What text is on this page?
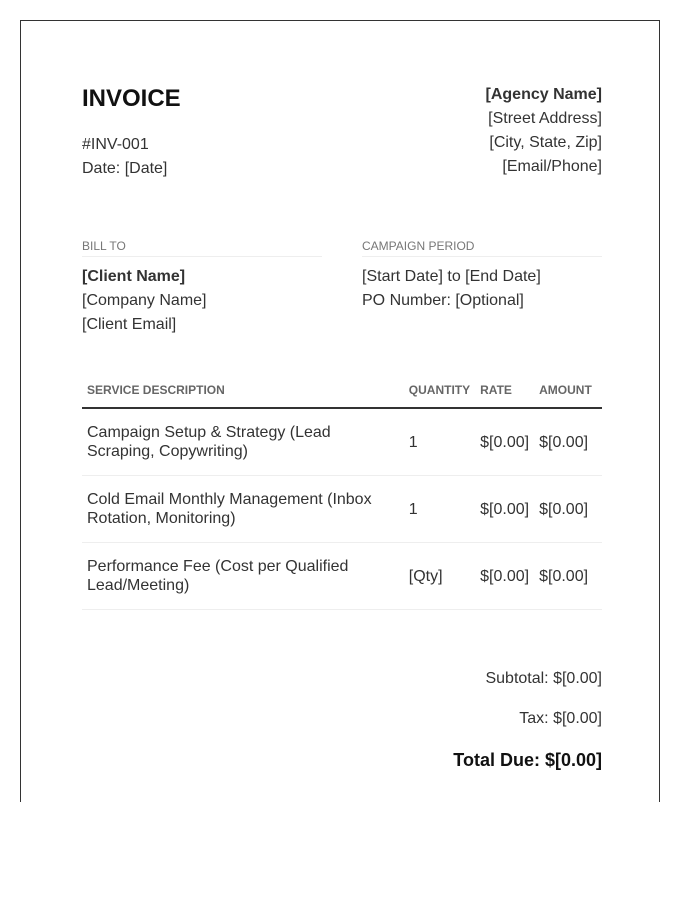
INVOICE
#INV-001
Date: [Date]
[Agency Name]
[Street Address]
[City, State, Zip]
[Email/Phone]
BILL TO
[Client Name]
[Company Name]
[Client Email]
CAMPAIGN PERIOD
[Start Date] to [End Date]
PO Number: [Optional]
SERVICE DESCRIPTION	QUANTITY	RATE	AMOUNT
Campaign Setup & Strategy (Lead Scraping, Copywriting)	1	$[0.00]	$[0.00]
Cold Email Monthly Management (Inbox Rotation, Monitoring)	1	$[0.00]	$[0.00]
Performance Fee (Cost per Qualified Lead/Meeting)	[Qty]	$[0.00]	$[0.00]
Subtotal: $[0.00]
Tax: $[0.00]
Total Due: $[0.00]
